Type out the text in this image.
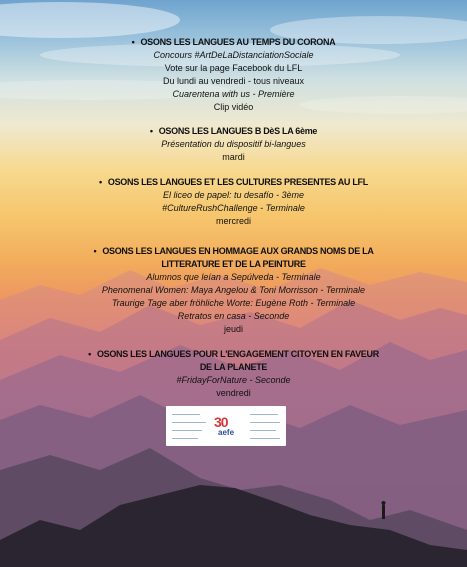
• OSONS LES LANGUES AU TEMPS DU CORONA
Concours #ArtDeLaDistanciationSociale
Vote sur la page Facebook du LFL
Du lundi au vendredi - tous niveaux
Cuarentena with us - Première
Clip vidéo
• OSONS LES LANGUES B DèS LA 6ème
Présentation du dispositif bi-langues
mardi
• OSONS LES LANGUES ET LES CULTURES PRESENTES AU LFL
El liceo de papel: tu desafío - 3ème
#CultureRushChallenge - Terminale
mercredi
• OSONS LES LANGUES EN HOMMAGE AUX GRANDS NOMS DE LA
LITTERATURE ET DE LA PEINTURE
Alumnos que leían a Sepúlveda - Terminale
Phenomenal Women: Maya Angelou & Toni Morrisson - Terminale
Traurige Tage aber fröhliche Worte: Eugène Roth - Terminale
Retratos en casa - Seconde
jeudi
• OSONS LES LANGUES POUR L'ENGAGEMENT CITOYEN EN FAVEUR
DE LA PLANETE
#FridayForNature - Seconde
vendredi
30
aefe
